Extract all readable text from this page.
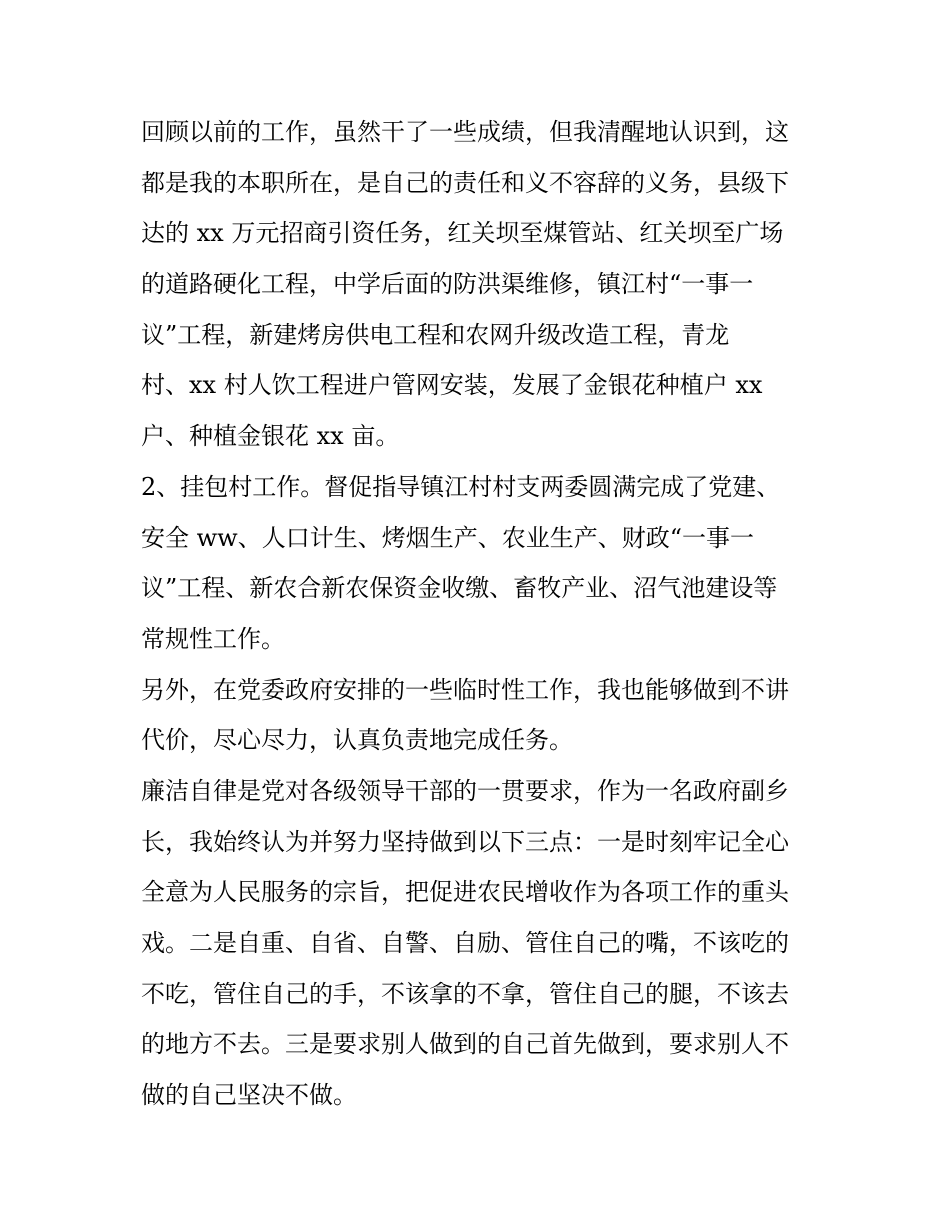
回顾以前的工作，虽然干了一些成绩，但我清醒地认识到，这
都是我的本职所在，是自己的责任和义不容辞的义务，县级下
达的 xx 万元招商引资任务，红关坝至煤管站、红关坝至广场
的道路硬化工程，中学后面的防洪渠维修，镇江村“一事一
议”工程，新建烤房供电工程和农网升级改造工程，青龙
村、xx 村人饮工程进户管网安装，发展了金银花种植户 xx
户、种植金银花 xx 亩。
2、挂包村工作。督促指导镇江村村支两委圆满完成了党建、
安全 ww、人口计生、烤烟生产、农业生产、财政“一事一
议”工程、新农合新农保资金收缴、畜牧产业、沼气池建设等
常规性工作。
另外，在党委政府安排的一些临时性工作，我也能够做到不讲
代价，尽心尽力，认真负责地完成任务。
廉洁自律是党对各级领导干部的一贯要求，作为一名政府副乡
长，我始终认为并努力坚持做到以下三点：一是时刻牢记全心
全意为人民服务的宗旨，把促进农民增收作为各项工作的重头
戏。二是自重、自省、自警、自励、管住自己的嘴，不该吃的
不吃，管住自己的手，不该拿的不拿，管住自己的腿，不该去
的地方不去。三是要求别人做到的自己首先做到，要求别人不
做的自己坚决不做。
